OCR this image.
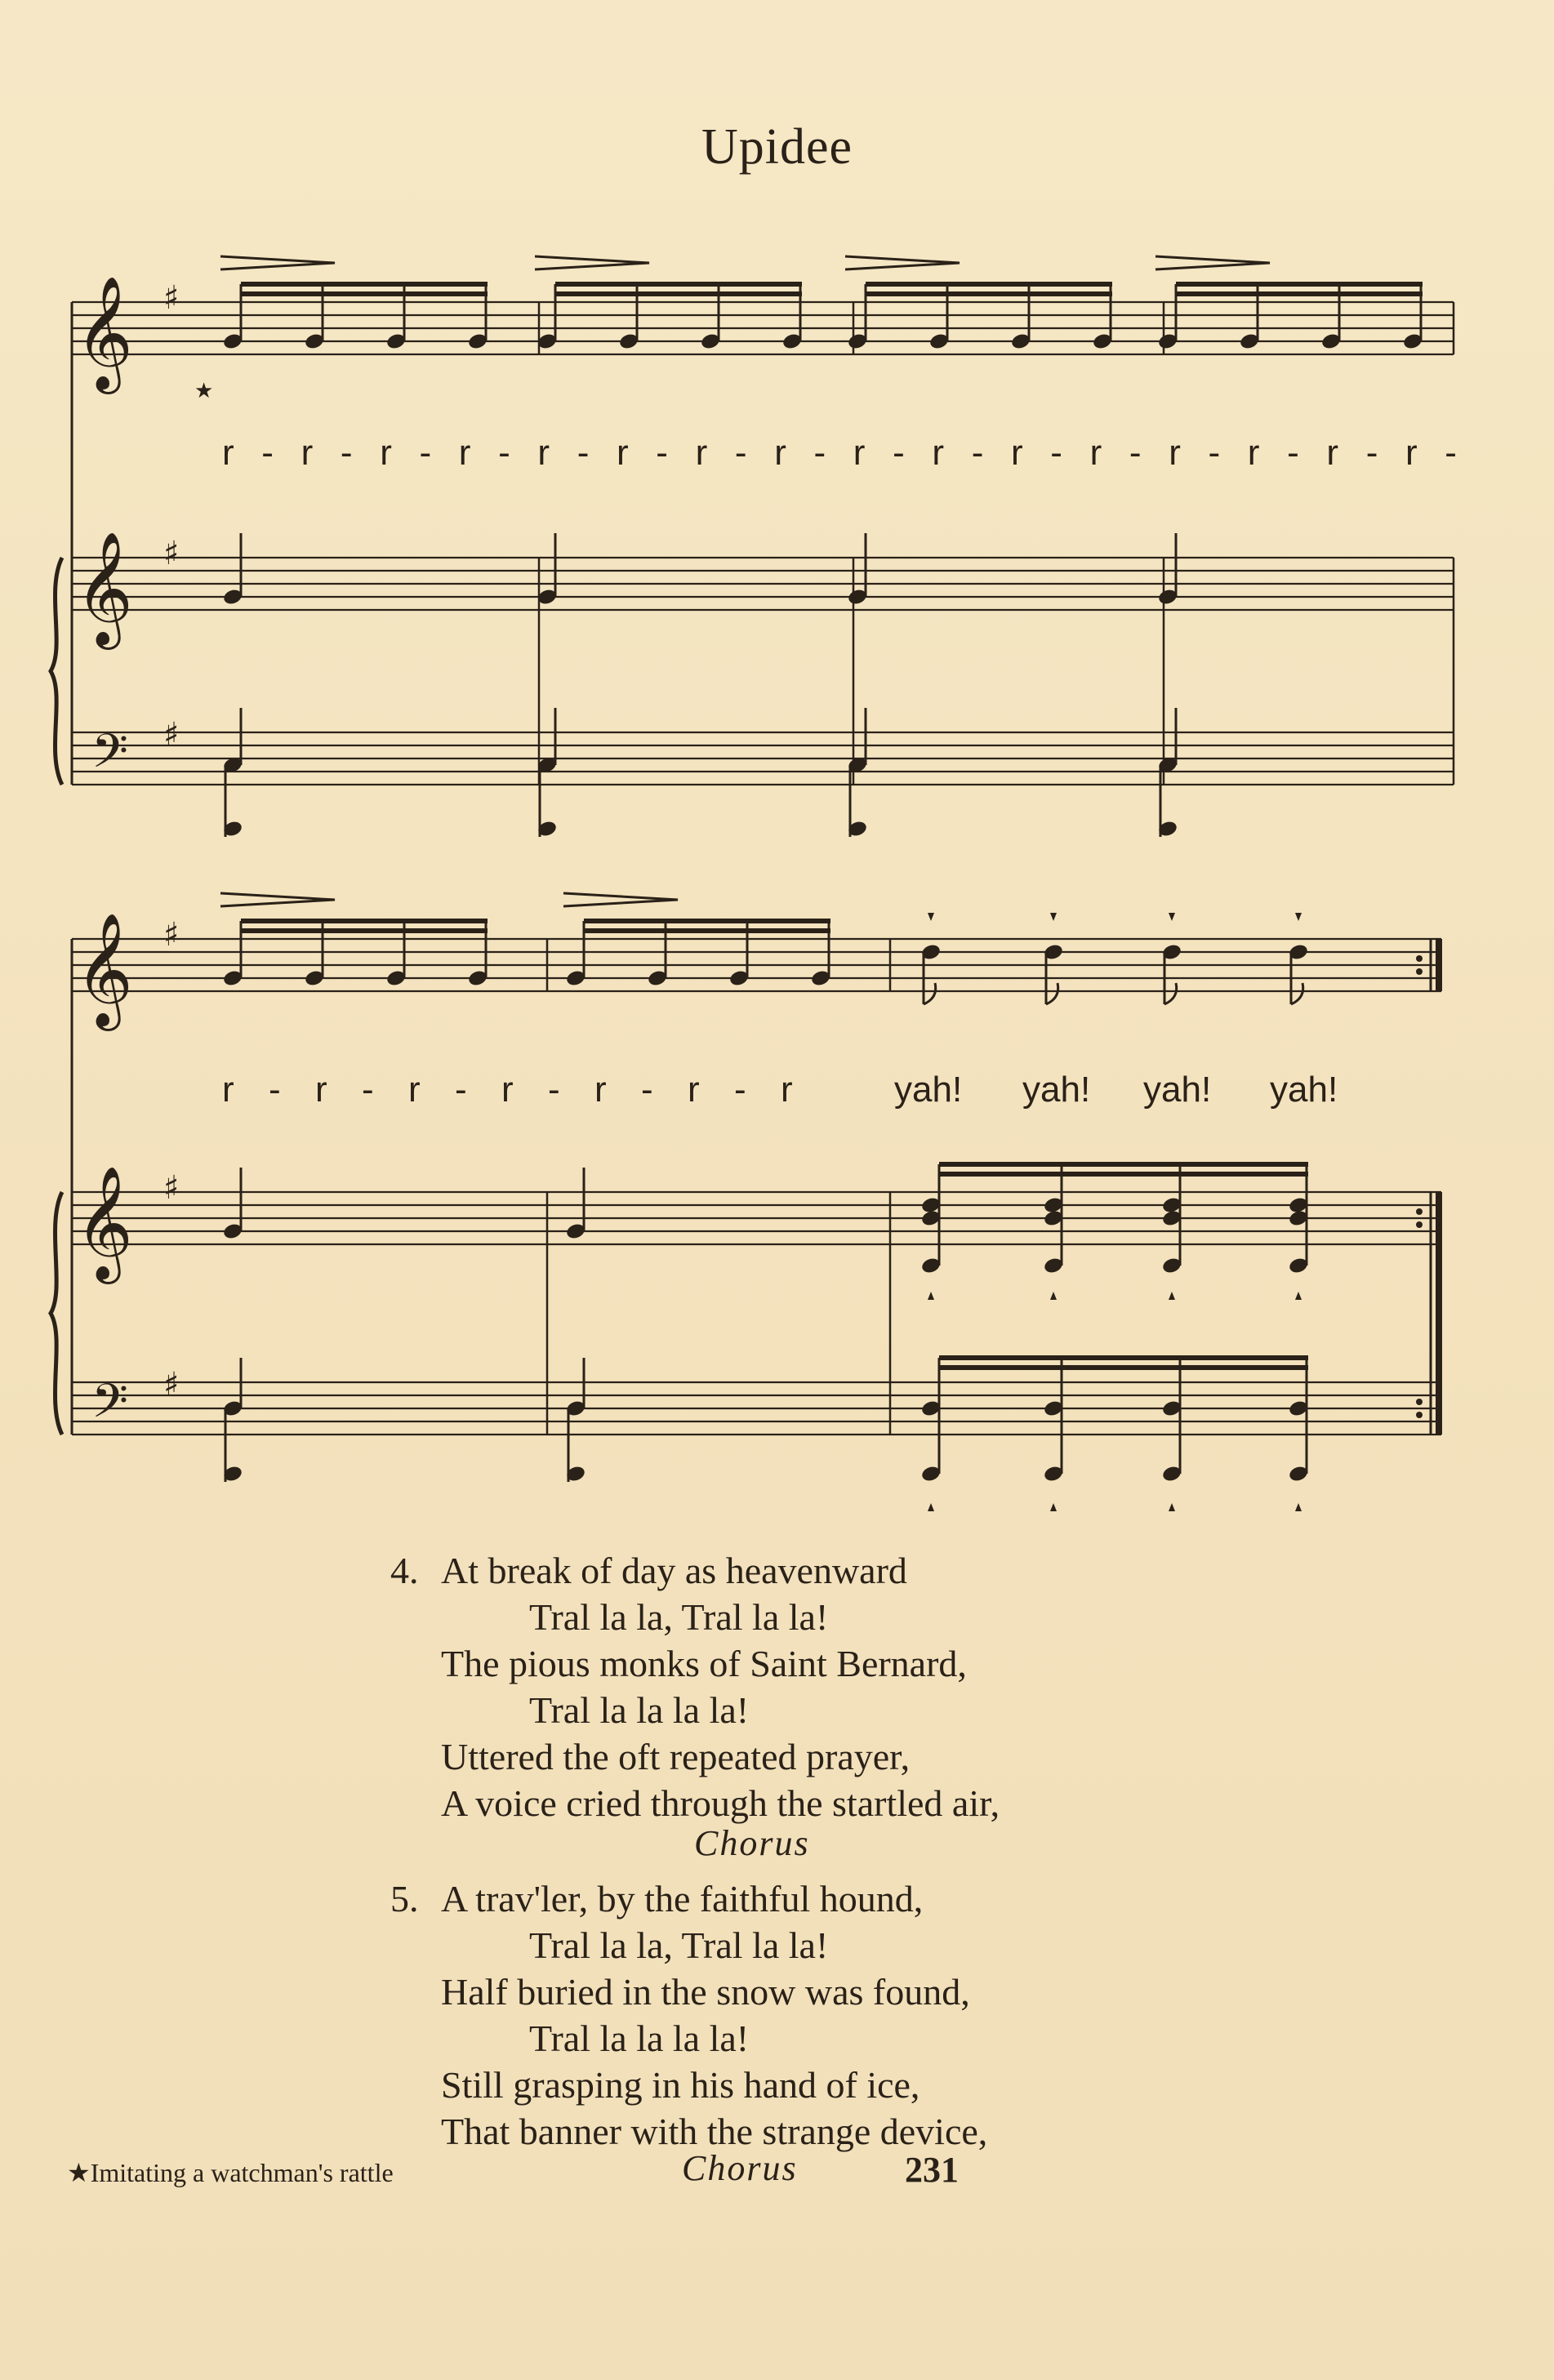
Upidee
𝄞 ♯
𝄞 ♯
𝄢 ♯
★
𝄞 ♯
𝄞 ♯
𝄢 ♯
r - r - r - r - r - r - r - r - r - r - r - r - r - r - r - r -
r - r - r - r - r - r - r	yah! yah! yah! yah!
4. At break of day as heavenward
Tral la la, Tral la la!
The pious monks of Saint Bernard,
Tral la la la la!
Uttered the oft repeated prayer,
A voice cried through the startled air,
Chorus
5. A trav'ler, by the faithful hound,
Tral la la, Tral la la!
Half buried in the snow was found,
Tral la la la la!
Still grasping in his hand of ice,
That banner with the strange device,
★Imitating a watchman's rattle	Chorus	231
